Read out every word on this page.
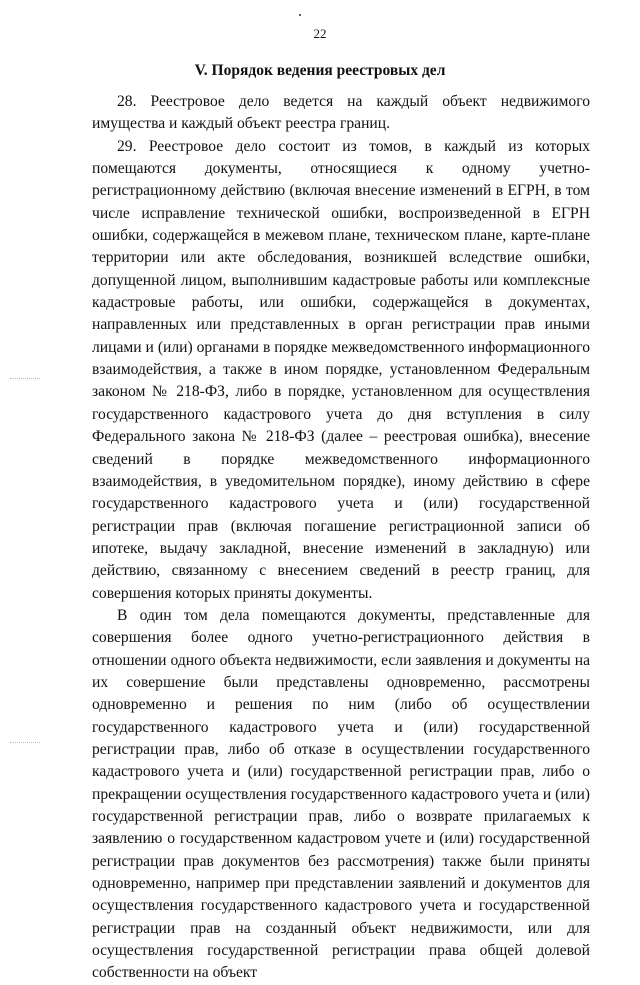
22
V. Порядок ведения реестровых дел

28. Реестровое дело ведется на каждый объект недвижимого имущества и каждый объект реестра границ.

29. Реестровое дело состоит из томов, в каждый из которых помещаются документы, относящиеся к одному учетно-регистрационному действию (включая внесение изменений в ЕГРН, в том числе исправление технической ошибки, воспроизведенной в ЕГРН ошибки, содержащейся в межевом плане, техническом плане, карте-плане территории или акте обследования, возникшей вследствие ошибки, допущенной лицом, выполнившим кадастровые работы или комплексные кадастровые работы, или ошибки, содержащейся в документах, направленных или представленных в орган регистрации прав иными лицами и (или) органами в порядке межведомственного информационного взаимодействия, а также в ином порядке, установленном Федеральным законом № 218-ФЗ, либо в порядке, установленном для осуществления государственного кадастрового учета до дня вступления в силу Федерального закона № 218-ФЗ (далее – реестровая ошибка), внесение сведений в порядке межведомственного информационного взаимодействия, в уведомительном порядке), иному действию в сфере государственного кадастрового учета и (или) государственной регистрации прав (включая погашение регистрационной записи об ипотеке, выдачу закладной, внесение изменений в закладную) или действию, связанному с внесением сведений в реестр границ, для совершения которых приняты документы.

В один том дела помещаются документы, представленные для совершения более одного учетно-регистрационного действия в отношении одного объекта недвижимости, если заявления и документы на их совершение были представлены одновременно, рассмотрены одновременно и решения по ним (либо об осуществлении государственного кадастрового учета и (или) государственной регистрации прав, либо об отказе в осуществлении государственного кадастрового учета и (или) государственной регистрации прав, либо о прекращении осуществления государственного кадастрового учета и (или) государственной регистрации прав, либо о возврате прилагаемых к заявлению о государственном кадастровом учете и (или) государственной регистрации прав документов без рассмотрения) также были приняты одновременно, например при представлении заявлений и документов для осуществления государственного кадастрового учета и государственной регистрации прав на созданный объект недвижимости, или для осуществления государственной регистрации права общей долевой собственности на объект
